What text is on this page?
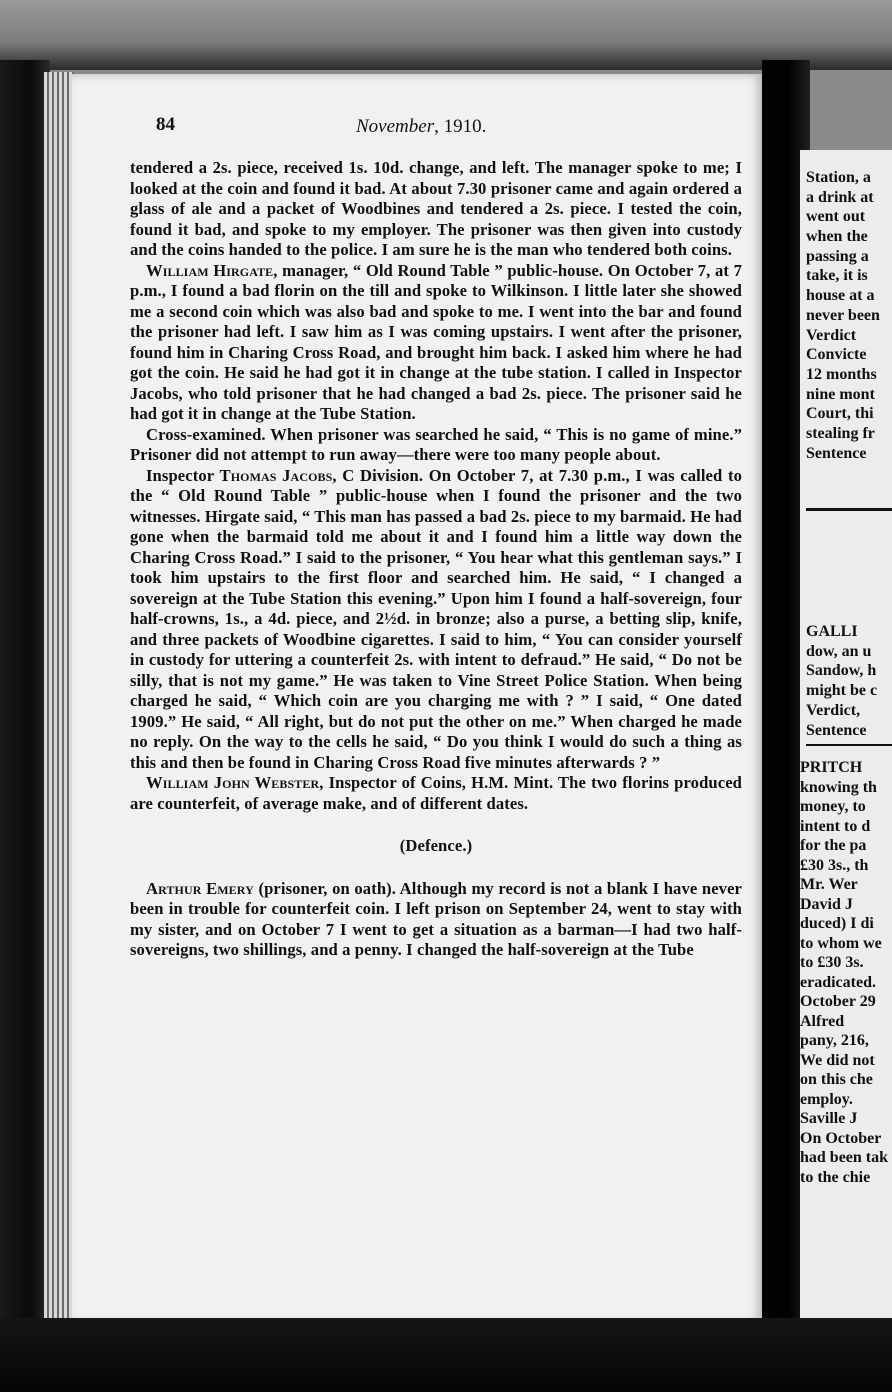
84	November, 1910.

tendered a 2s. piece, received 1s. 10d. change, and left. The manager spoke to me; I looked at the coin and found it bad. At about 7.30 prisoner came and again ordered a glass of ale and a packet of Woodbines and tendered a 2s. piece. I tested the coin, found it bad, and spoke to my employer. The prisoner was then given into custody and the coins handed to the police. I am sure he is the man who tendered both coins.

William Hirgate, manager, “ Old Round Table ” public-house. On October 7, at 7 p.m., I found a bad florin on the till and spoke to Wilkinson. I little later she showed me a second coin which was also bad and spoke to me. I went into the bar and found the prisoner had left. I saw him as I was coming upstairs. I went after the prisoner, found him in Charing Cross Road, and brought him back. I asked him where he had got the coin. He said he had got it in change at the tube station. I called in Inspector Jacobs, who told prisoner that he had changed a bad 2s. piece. The prisoner said he had got it in change at the Tube Station.

Cross-examined. When prisoner was searched he said, “ This is no game of mine.” Prisoner did not attempt to run away—there were too many people about.

Inspector Thomas Jacobs, C Division. On October 7, at 7.30 p.m., I was called to the “ Old Round Table ” public-house when I found the prisoner and the two witnesses. Hirgate said, “ This man has passed a bad 2s. piece to my barmaid. He had gone when the barmaid told me about it and I found him a little way down the Charing Cross Road.” I said to the prisoner, “ You hear what this gentleman says.” I took him upstairs to the first floor and searched him. He said, “ I changed a sovereign at the Tube Station this evening.” Upon him I found a half-sovereign, four half-crowns, 1s., a 4d. piece, and 2½d. in bronze; also a purse, a betting slip, knife, and three packets of Woodbine cigarettes. I said to him, “ You can consider yourself in custody for uttering a counterfeit 2s. with intent to defraud.” He said, “ Do not be silly, that is not my game.” He was taken to Vine Street Police Station. When being charged he said, “ Which coin are you charging me with ? ” I said, “ One dated 1909.” He said, “ All right, but do not put the other on me.” When charged he made no reply. On the way to the cells he said, “ Do you think I would do such a thing as this and then be found in Charing Cross Road five minutes afterwards ? ”

William John Webster, Inspector of Coins, H.M. Mint. The two florins produced are counterfeit, of average make, and of different dates.

(Defence.)

Arthur Emery (prisoner, on oath). Although my record is not a blank I have never been in trouble for counterfeit coin. I left prison on September 24, went to stay with my sister, and on October 7 I went to get a situation as a barman—I had two half-sovereigns, two shillings, and a penny. I changed the half-sovereign at the Tube

Station, a
a drink at
went out
when the
passing a
take, it is
house at a
never been
Verdict
Convicte
12 months
nine mont
Court, thi
stealing fr
Sentence
GALLI
dow, an u
Sandow, h
might be c
Verdict,
Sentence
PRITCH
knowing th
money, to
intent to d
for the pa
£30 3s., th
Mr. Wer
David J
duced) I di
to whom we
to £30 3s.
eradicated.
October 29
Alfred
pany, 216,
We did not
on this che
employ.
Saville J
On October
had been tak
to the chie
